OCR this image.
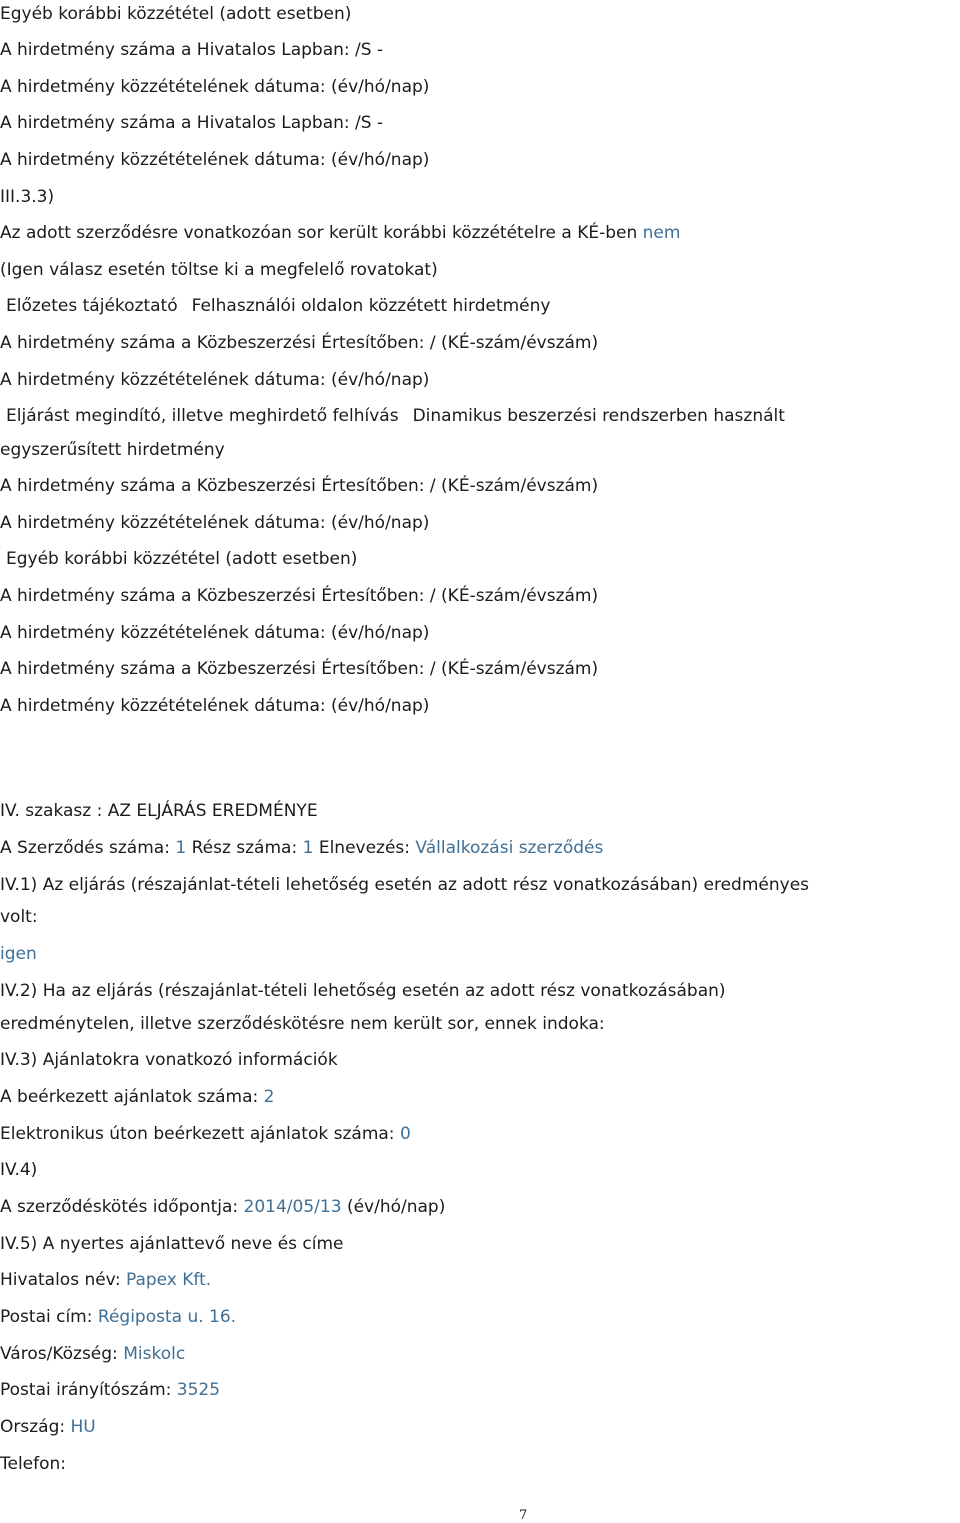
Egyéb korábbi közzététel (adott esetben)

A hirdetmény száma a Hivatalos Lapban: /S -

A hirdetmény közzétételének dátuma: (év/hó/nap)

A hirdetmény száma a Hivatalos Lapban: /S -

A hirdetmény közzétételének dátuma: (év/hó/nap)

III.3.3)

Az adott szerződésre vonatkozóan sor került korábbi közzétételre a KÉ-ben nem

(Igen válasz esetén töltse ki a megfelelő rovatokat)

Előzetes tájékoztató Felhasználói oldalon közzétett hirdetmény

A hirdetmény száma a Közbeszerzési Értesítőben: / (KÉ-szám/évszám)

A hirdetmény közzétételének dátuma: (év/hó/nap)

Eljárást megindító, illetve meghirdető felhívás Dinamikus beszerzési rendszerben használt

egyszerűsített hirdetmény

A hirdetmény száma a Közbeszerzési Értesítőben: / (KÉ-szám/évszám)

A hirdetmény közzétételének dátuma: (év/hó/nap)

Egyéb korábbi közzététel (adott esetben)

A hirdetmény száma a Közbeszerzési Értesítőben: / (KÉ-szám/évszám)

A hirdetmény közzétételének dátuma: (év/hó/nap)

A hirdetmény száma a Közbeszerzési Értesítőben: / (KÉ-szám/évszám)

A hirdetmény közzétételének dátuma: (év/hó/nap)

IV. szakasz : AZ ELJÁRÁS EREDMÉNYE

A Szerződés száma: 1 Rész száma: 1 Elnevezés: Vállalkozási szerződés

IV.1) Az eljárás (részajánlat-tételi lehetőség esetén az adott rész vonatkozásában) eredményes

volt:

igen

IV.2) Ha az eljárás (részajánlat-tételi lehetőség esetén az adott rész vonatkozásában)

eredménytelen, illetve szerződéskötésre nem került sor, ennek indoka:

IV.3) Ajánlatokra vonatkozó információk

A beérkezett ajánlatok száma: 2

Elektronikus úton beérkezett ajánlatok száma: 0

IV.4)

A szerződéskötés időpontja: 2014/05/13 (év/hó/nap)

IV.5) A nyertes ajánlattevő neve és címe

Hivatalos név: Papex Kft.

Postai cím: Régiposta u. 16.

Város/Község: Miskolc

Postai irányítószám: 3525

Ország: HU

Telefon:

7
